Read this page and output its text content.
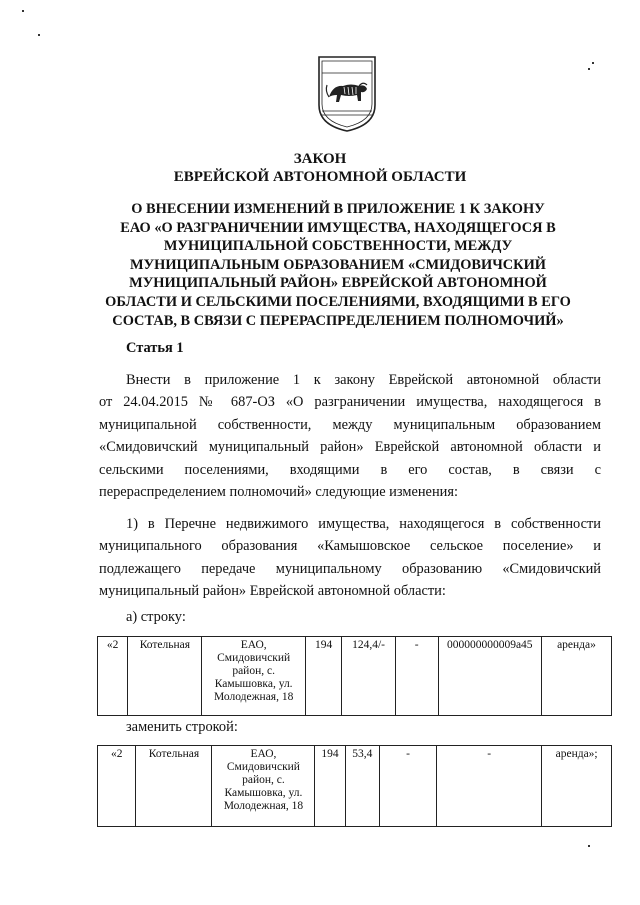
ЗАКОН
ЕВРЕЙСКОЙ АВТОНОМНОЙ ОБЛАСТИ
О ВНЕСЕНИИ ИЗМЕНЕНИЙ В ПРИЛОЖЕНИЕ 1 К ЗАКОНУ
ЕАО «О РАЗГРАНИЧЕНИИ ИМУЩЕСТВА, НАХОДЯЩЕГОСЯ В
МУНИЦИПАЛЬНОЙ СОБСТВЕННОСТИ, МЕЖДУ
МУНИЦИПАЛЬНЫМ ОБРАЗОВАНИЕМ «СМИДОВИЧСКИЙ
МУНИЦИПАЛЬНЫЙ РАЙОН» ЕВРЕЙСКОЙ АВТОНОМНОЙ
ОБЛАСТИ И СЕЛЬСКИМИ ПОСЕЛЕНИЯМИ, ВХОДЯЩИМИ В ЕГО
СОСТАВ, В СВЯЗИ С ПЕРЕРАСПРЕДЕЛЕНИЕМ ПОЛНОМОЧИЙ»
Статья 1
Внести в приложение 1 к закону Еврейской автономной области
от 24.04.2015 № 687-ОЗ «О разграничении имущества, находящегося в
муниципальной собственности, между муниципальным образованием
«Смидовичский муниципальный район» Еврейской автономной области и
сельскими поселениями, входящими в его состав, в связи с
перераспределением полномочий» следующие изменения:
1) в Перечне недвижимого имущества, находящегося в собственности
муниципального образования «Камышовское сельское поселение» и
подлежащего передаче муниципальному образованию «Смидовичский
муниципальный район» Еврейской автономной области:
а) строку:
«2	Котельная	ЕАО, Смидовичский район, с. Камышовка, ул. Молодежная, 18	194	124,4/-	-	000000000009а45	аренда»
заменить строкой:
«2	Котельная	ЕАО, Смидовичский район, с. Камышовка, ул. Молодежная, 18	194	53,4	-	-	аренда»;
